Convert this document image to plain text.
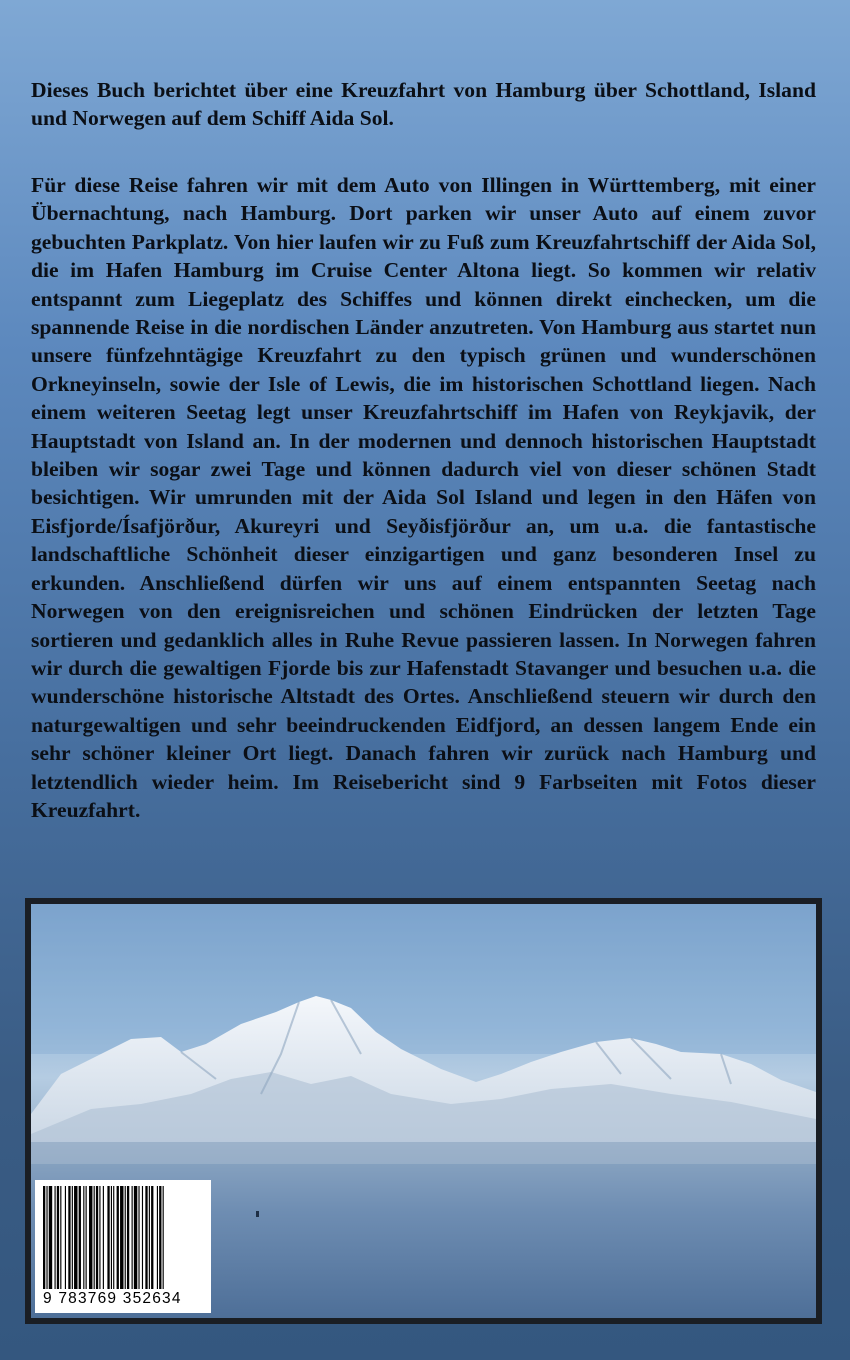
Dieses Buch berichtet über eine Kreuzfahrt von Hamburg über Schottland, Island und Norwegen auf dem Schiff Aida Sol.

Für diese Reise fahren wir mit dem Auto von Illingen in Württemberg, mit einer Übernachtung, nach Hamburg. Dort parken wir unser Auto auf einem zuvor gebuchten Parkplatz. Von hier laufen wir zu Fuß zum Kreuzfahrtschiff der Aida Sol, die im Hafen Hamburg im Cruise Center Altona liegt. So kommen wir relativ entspannt zum Liegeplatz des Schiffes und können direkt einchecken, um die spannende Reise in die nordischen Länder anzutreten. Von Hamburg aus startet nun unsere fünfzehntägige Kreuzfahrt zu den typisch grünen und wunderschönen Orkneyinseln, sowie der Isle of Lewis, die im historischen Schottland liegen. Nach einem weiteren Seetag legt unser Kreuzfahrtschiff im Hafen von Reykjavik, der Hauptstadt von Island an. In der modernen und dennoch historischen Hauptstadt bleiben wir sogar zwei Tage und können dadurch viel von dieser schönen Stadt besichtigen. Wir umrunden mit der Aida Sol Island und legen in den Häfen von Eisfjorde/Ísafjörður, Akureyri und Seyðisfjörður an, um u.a. die fantastische landschaftliche Schönheit dieser einzigartigen und ganz besonderen Insel zu erkunden. Anschließend dürfen wir uns auf einem entspannten Seetag nach Norwegen von den ereignisreichen und schönen Eindrücken der letzten Tage sortieren und gedanklich alles in Ruhe Revue passieren lassen. In Norwegen fahren wir durch die gewaltigen Fjorde bis zur Hafenstadt Stavanger und besuchen u.a. die wunderschöne historische Altstadt des Ortes. Anschließend steuern wir durch den naturgewaltigen und sehr beeindruckenden Eidfjord, an dessen langem Ende ein sehr schöner kleiner Ort liegt. Danach fahren wir zurück nach Hamburg und letztendlich wieder heim. Im Reisebericht sind 9 Farbseiten mit Fotos dieser Kreuzfahrt.

9 783769 352634
